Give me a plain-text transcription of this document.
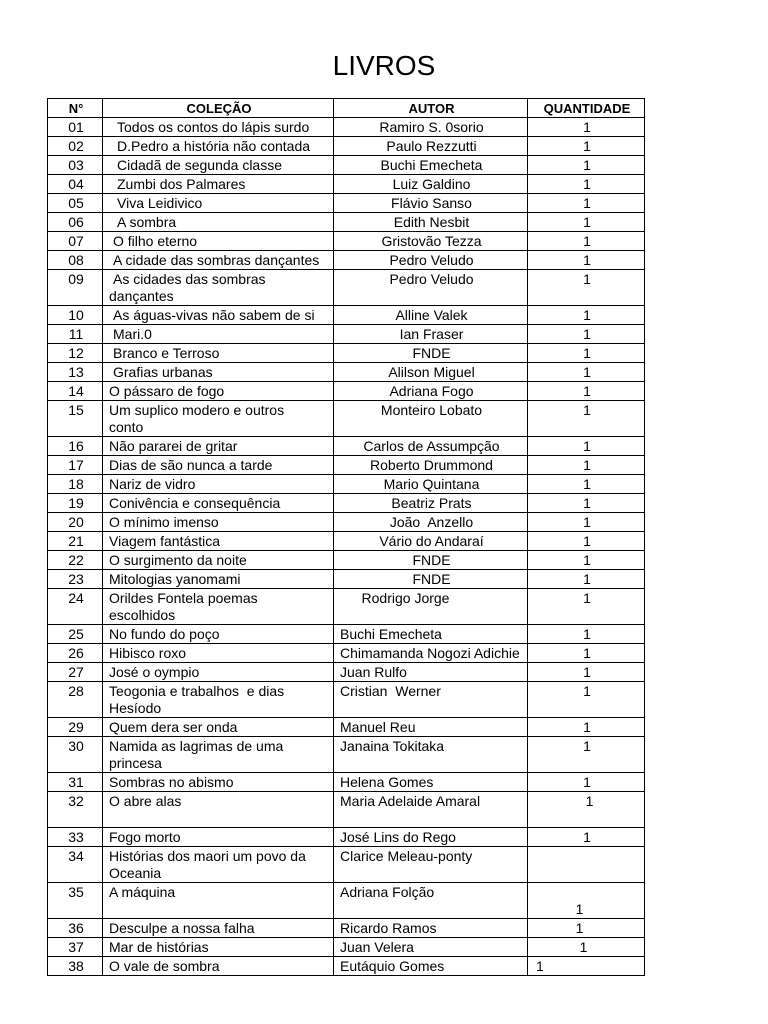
LIVROS
N°	COLEÇÃO	AUTOR	QUANTIDADE
01	Todos os contos do lápis surdo	Ramiro S. 0sorio	1
02	D.Pedro a história não contada	Paulo Rezzutti	1
03	Cidadã de segunda classe	Buchi Emecheta	1
04	Zumbi dos Palmares	Luiz Galdino	1
05	Viva Leidivico	Flávio Sanso	1
06	A sombra	Edith Nesbit	1
07	O filho eterno	Gristovão Tezza	1
08	A cidade das sombras dançantes	Pedro Veludo	1
09	As cidades das sombras dançantes	Pedro Veludo	1
10	As águas-vivas não sabem de si	Alline Valek	1
11	Mari.0	Ian Fraser	1
12	Branco e Terroso	FNDE	1
13	Grafias urbanas	Alilson Miguel	1
14	O pássaro de fogo	Adriana Fogo	1
15	Um suplico modero e outros conto	Monteiro Lobato	1
16	Não pararei de gritar	Carlos de Assumpção	1
17	Dias de são nunca a tarde	Roberto Drummond	1
18	Nariz de vidro	Mario Quintana	1
19	Conivência e consequência	Beatriz Prats	1
20	O mínimo imenso	João  Anzello	1
21	Viagem fantástica	Vário do Andaraí	1
22	O surgimento da noite	FNDE	1
23	Mitologias yanomami	FNDE	1
24	Orildes Fontela poemas escolhidos	Rodrigo Jorge	1
25	No fundo do poço	Buchi Emecheta	1
26	Hibisco roxo	Chimamanda Nogozi Adichie	1
27	José o oympio	Juan Rulfo	1
28	Teogonia e trabalhos  e dias Hesíodo	Cristian  Werner	1
29	Quem dera ser onda	Manuel Reu	1
30	Namida as lagrimas de uma princesa	Janaina Tokitaka	1
31	Sombras no abismo	Helena Gomes	1
32	O abre alas	Maria Adelaide Amaral	1
33	Fogo morto	José Lins do Rego	1
34	Histórias dos maori um povo da Oceania	Clarice Meleau-ponty	
35	A máquina	Adriana Folção	1
36	Desculpe a nossa falha	Ricardo Ramos	1
37	Mar de histórias	Juan Velera	1
38	O vale de sombra	Eutáquio Gomes	1
